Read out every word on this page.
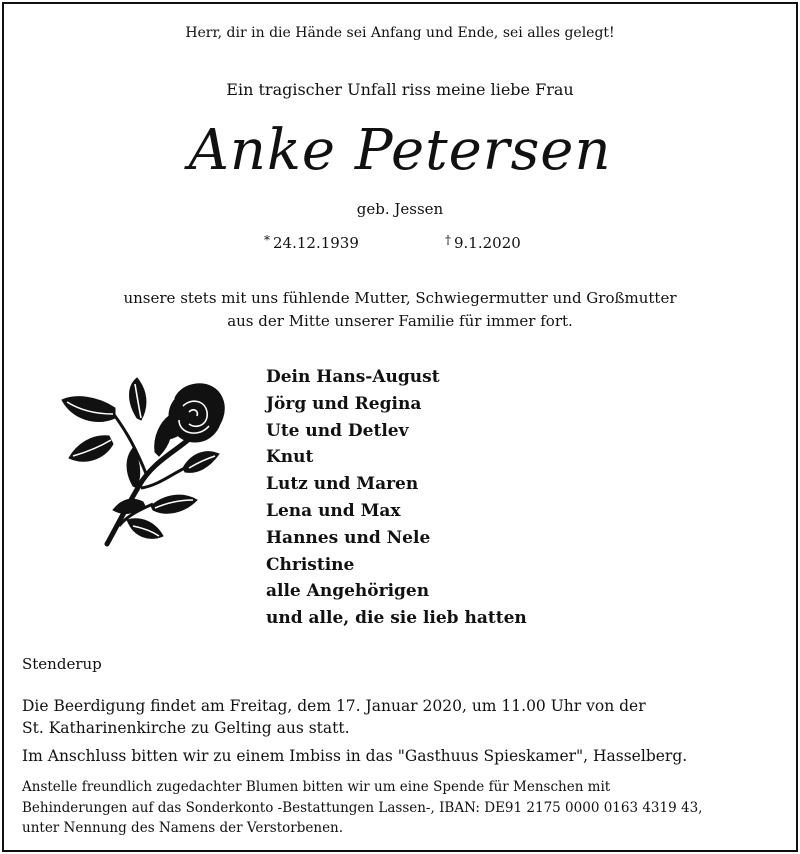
Herr, dir in die Hände sei Anfang und Ende, sei alles gelegt!
Ein tragischer Unfall riss meine liebe Frau
Anke Petersen
geb. Jessen
* 24.12.1939	† 9.1.2020
unsere stets mit uns fühlende Mutter, Schwiegermutter und Großmutter
aus der Mitte unserer Familie für immer fort.
Dein Hans-August
Jörg und Regina
Ute und Detlev
Knut
Lutz und Maren
Lena und Max
Hannes und Nele
Christine
alle Angehörigen
und alle, die sie lieb hatten
Stenderup
Die Beerdigung findet am Freitag, dem 17. Januar 2020, um 11.00 Uhr von der
St. Katharinenkirche zu Gelting aus statt.
Im Anschluss bitten wir zu einem Imbiss in das "Gasthuus Spieskamer", Hasselberg.
Anstelle freundlich zugedachter Blumen bitten wir um eine Spende für Menschen mit
Behinderungen auf das Sonderkonto -Bestattungen Lassen-, IBAN: DE91 2175 0000 0163 4319 43,
unter Nennung des Namens der Verstorbenen.
